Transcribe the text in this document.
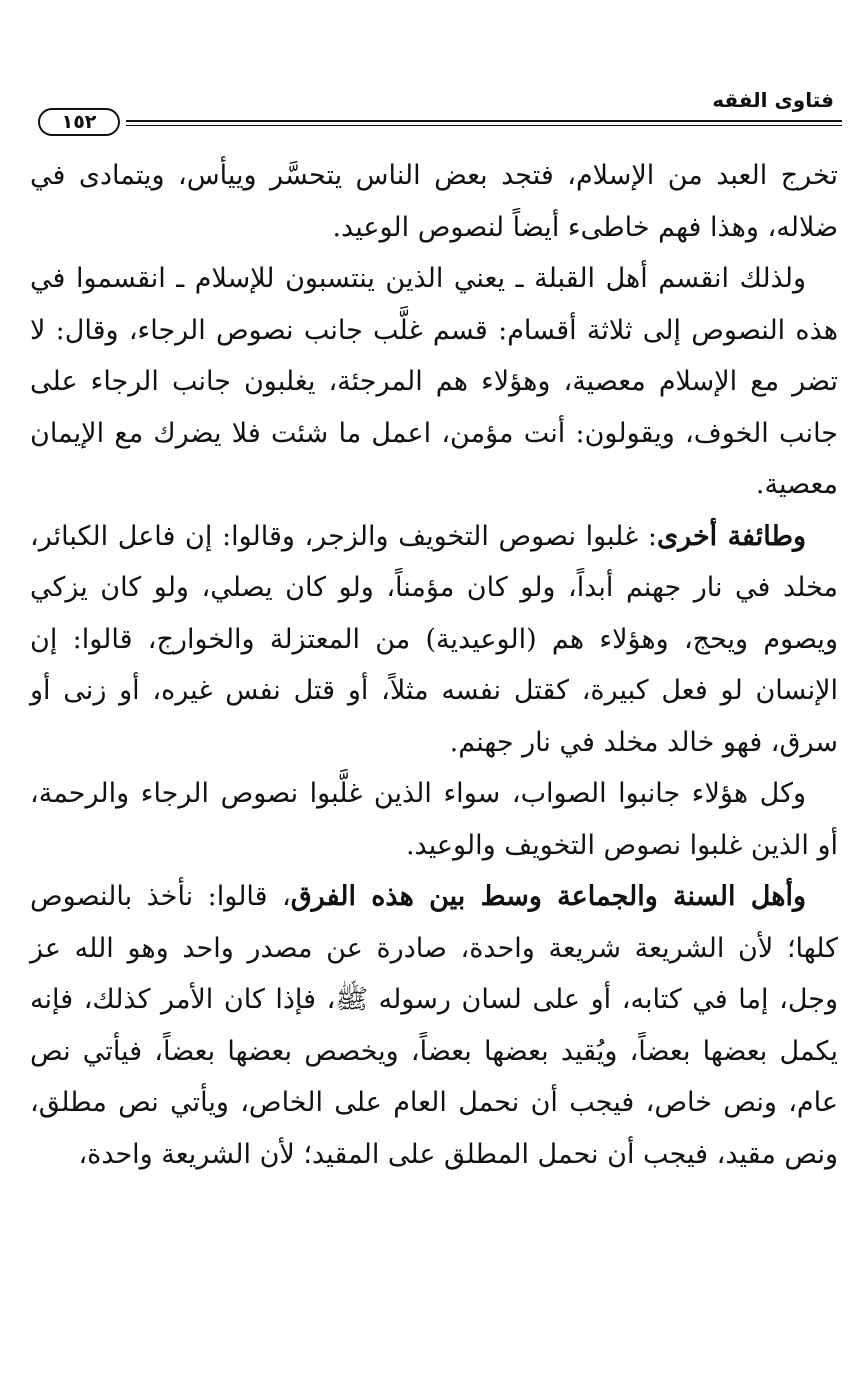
فتاوى الفقه
١٥٢

تخرج العبد من الإسلام، فتجد بعض الناس يتحسَّر وييأس، ويتمادى في ضلاله، وهذا فهم خاطىء أيضاً لنصوص الوعيد.

ولذلك انقسم أهل القبلة ـ يعني الذين ينتسبون للإسلام ـ انقسموا في هذه النصوص إلى ثلاثة أقسام: قسم غلَّب جانب نصوص الرجاء، وقال: لا تضر مع الإسلام معصية، وهؤلاء هم المرجئة، يغلبون جانب الرجاء على جانب الخوف، ويقولون: أنت مؤمن، اعمل ما شئت فلا يضرك مع الإيمان معصية.

وطائفة أخرى: غلبوا نصوص التخويف والزجر، وقالوا: إن فاعل الكبائر، مخلد في نار جهنم أبداً، ولو كان مؤمناً، ولو كان يصلي، ولو كان يزكي ويصوم ويحج، وهؤلاء هم (الوعيدية) من المعتزلة والخوارج، قالوا: إن الإنسان لو فعل كبيرة، كقتل نفسه مثلاً، أو قتل نفس غيره، أو زنى أو سرق، فهو خالد مخلد في نار جهنم.

وكل هؤلاء جانبوا الصواب، سواء الذين غلَّبوا نصوص الرجاء والرحمة، أو الذين غلبوا نصوص التخويف والوعيد.

وأهل السنة والجماعة وسط بين هذه الفرق، قالوا: نأخذ بالنصوص كلها؛ لأن الشريعة شريعة واحدة، صادرة عن مصدر واحد وهو الله عز وجل، إما في كتابه، أو على لسان رسوله ﷺ، فإذا كان الأمر كذلك، فإنه يكمل بعضها بعضاً، ويُقيد بعضها بعضاً، ويخصص بعضها بعضاً، فيأتي نص عام، ونص خاص، فيجب أن نحمل العام على الخاص، ويأتي نص مطلق، ونص مقيد، فيجب أن نحمل المطلق على المقيد؛ لأن الشريعة واحدة،
